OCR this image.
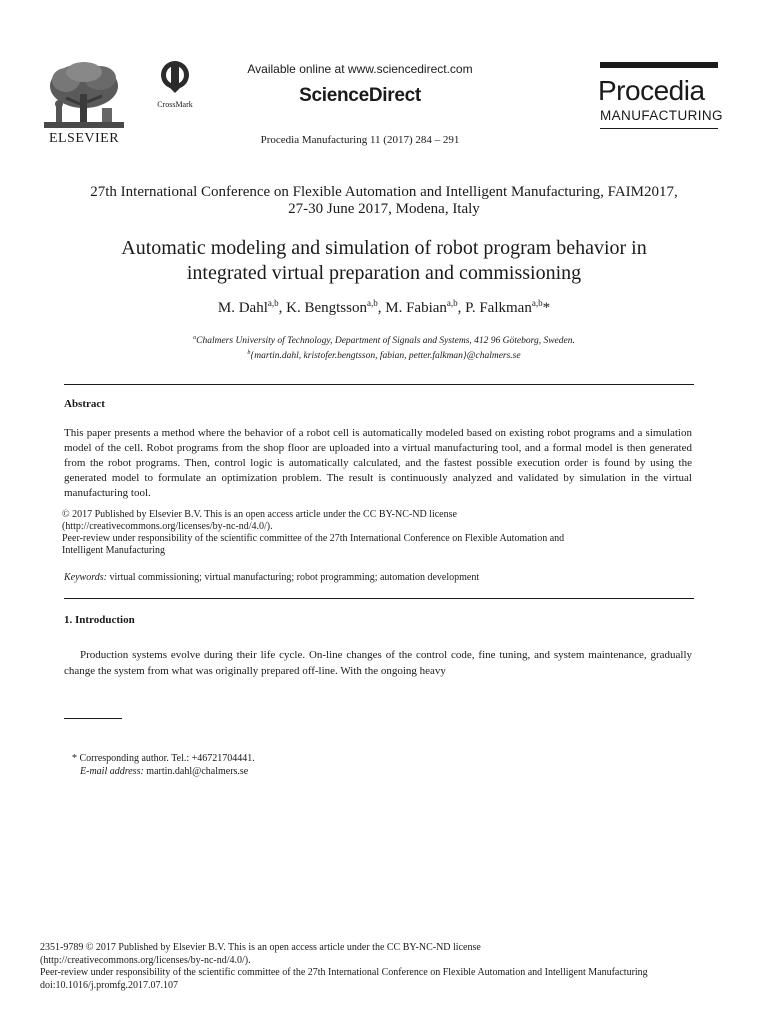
ELSEVIER
CrossMark
Available online at www.sciencedirect.com
ScienceDirect
Procedia Manufacturing 11 (2017) 284 – 291
Procedia
MANUFACTURING
27th International Conference on Flexible Automation and Intelligent Manufacturing, FAIM2017,
27-30 June 2017, Modena, Italy
Automatic modeling and simulation of robot program behavior in
integrated virtual preparation and commissioning
M. Dahl$^{a,b}$, K. Bengtsson$^{a,b}$, M. Fabian$^{a,b}$, P. Falkman$^{a,b}$*
$^a$Chalmers University of Technology, Department of Signals and Systems, 412 96 Göteborg, Sweden.
$^b${martin.dahl, kristofer.bengtsson, fabian, petter.falkman}@chalmers.se
Abstract
This paper presents a method where the behavior of a robot cell is automatically modeled based on existing robot programs and a simulation model of the cell. Robot programs from the shop floor are uploaded into a virtual manufacturing tool, and a formal model is then generated from the robot programs. Then, control logic is automatically calculated, and the fastest possible execution order is found by using the generated model to formulate an optimization problem. The result is continuously analyzed and validated by simulation in the virtual manufacturing tool.
© 2017 Published by Elsevier B.V. This is an open access article under the CC BY-NC-ND license
(http://creativecommons.org/licenses/by-nc-nd/4.0/).
Peer-review under responsibility of the scientific committee of the 27th International Conference on Flexible Automation and
Intelligent Manufacturing
Keywords: virtual commissioning; virtual manufacturing; robot programming; automation development
1. Introduction
Production systems evolve during their life cycle. On-line changes of the control code, fine tuning, and system maintenance, gradually change the system from what was originally prepared off-line. With the ongoing heavy
* Corresponding author. Tel.: +46721704441.
E-mail address: martin.dahl@chalmers.se
2351-9789 © 2017 Published by Elsevier B.V. This is an open access article under the CC BY-NC-ND license
(http://creativecommons.org/licenses/by-nc-nd/4.0/).
Peer-review under responsibility of the scientific committee of the 27th International Conference on Flexible Automation and Intelligent Manufacturing
doi:10.1016/j.promfg.2017.07.107
